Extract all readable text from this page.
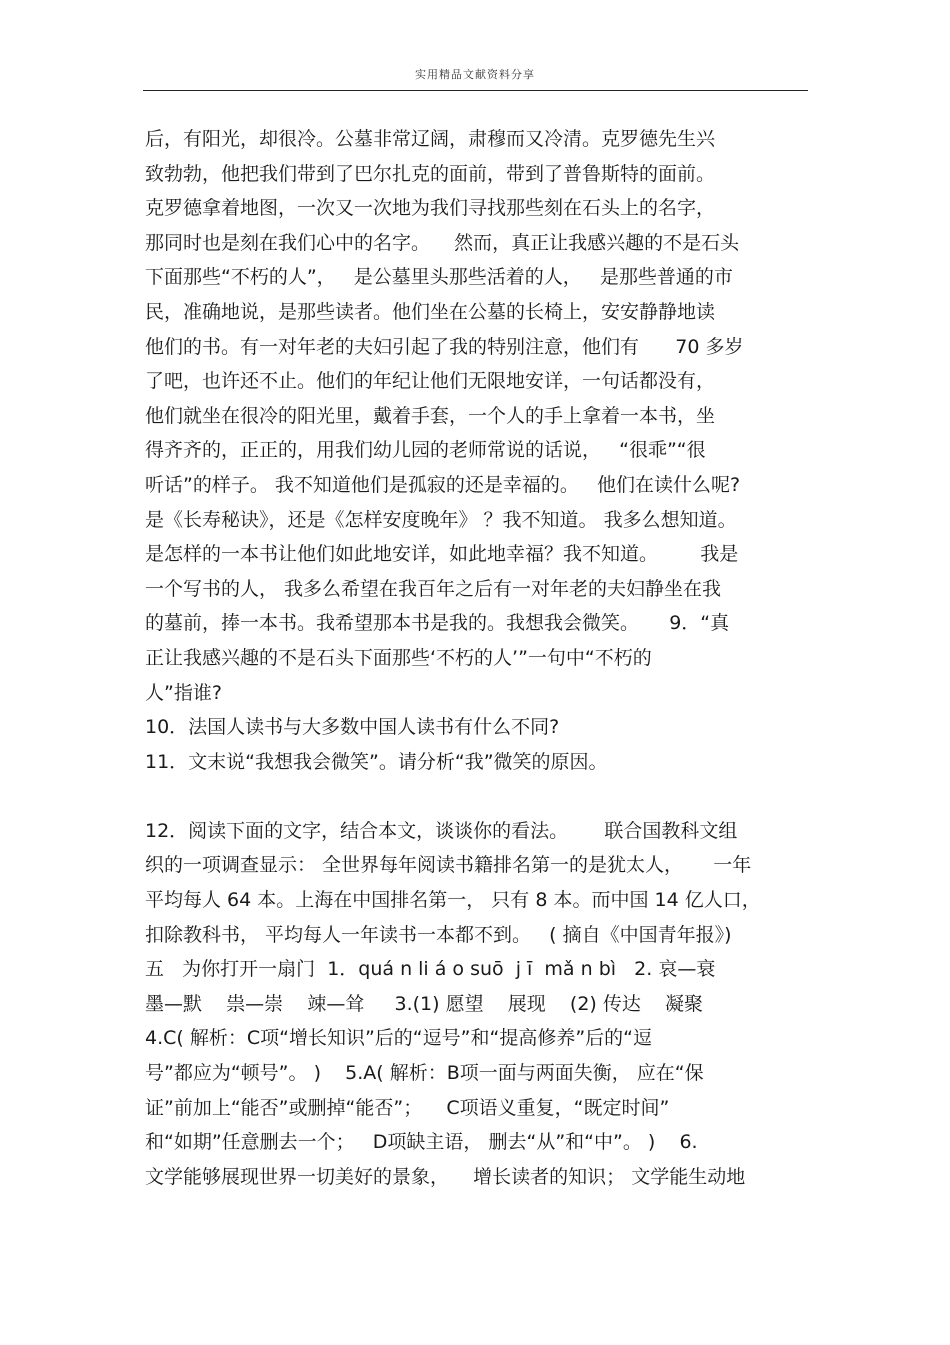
实用精品文献资料分享
后，有阳光，却很冷。公墓非常辽阔，肃穆而又冷清。克罗德先生兴
致勃勃，他把我们带到了巴尔扎克的面前，带到了普鲁斯特的面前。
克罗德拿着地图，一次又一次地为我们寻找那些刻在石头上的名字，
那同时也是刻在我们心中的名字。    然而，真正让我感兴趣的不是石头
下面那些“不朽的人”，   是公墓里头那些活着的人，   是那些普通的市
民，准确地说，是那些读者。他们坐在公墓的长椅上，安安静静地读
他们的书。有一对年老的夫妇引起了我的特别注意，他们有      70 多岁
了吧，也许还不止。他们的年纪让他们无限地安详，一句话都没有，
他们就坐在很冷的阳光里，戴着手套，一个人的手上拿着一本书，坐
得齐齐的，正正的，用我们幼儿园的老师常说的话说，   “很乖”“很
听话”的样子。 我不知道他们是孤寂的还是幸福的。   他们在读什么呢?
是《长寿秘诀》，还是《怎样安度晚年》 ？我不知道。 我多么想知道。
是怎样的一本书让他们如此地安详，如此地幸福？我不知道。       我是
一个写书的人， 我多么希望在我百年之后有一对年老的夫妇静坐在我
的墓前，捧一本书。我希望那本书是我的。我想我会微笑。     9．“真
正让我感兴趣的不是石头下面那些‘不朽的人’”一句中“不朽的
人”指谁?
10．法国人读书与大多数中国人读书有什么不同?
11．文末说“我想我会微笑”。请分析“我”微笑的原因。
12．阅读下面的文字，结合本文，谈谈你的看法。      联合国教科文组
织的一项调查显示： 全世界每年阅读书籍排名第一的是犹太人，     一年
平均每人 64 本。上海在中国排名第一， 只有 8 本。而中国 14 亿人口，
扣除教科书， 平均每人一年读书一本都不到。   ( 摘自《中国青年报》)
五   为你打开一扇门  1．quá n li á o suō  j ī  mǎ n bì   2. 哀—衰
墨—默    祟—崇    竦—耸     3.(1) 愿望    展现    (2) 传达    凝聚
4.C( 解析：C项“增长知识”后的“逗号”和“提高修养”后的“逗
号”都应为“顿号”。 )    5.A( 解析：B项一面与两面失衡， 应在“保
证”前加上“能否”或删掉“能否”；    C项语义重复，“既定时间”
和“如期”任意删去一个；   D项缺主语， 删去“从”和“中”。 )    6.
文学能够展现世界一切美好的景象，    增长读者的知识； 文学能生动地
